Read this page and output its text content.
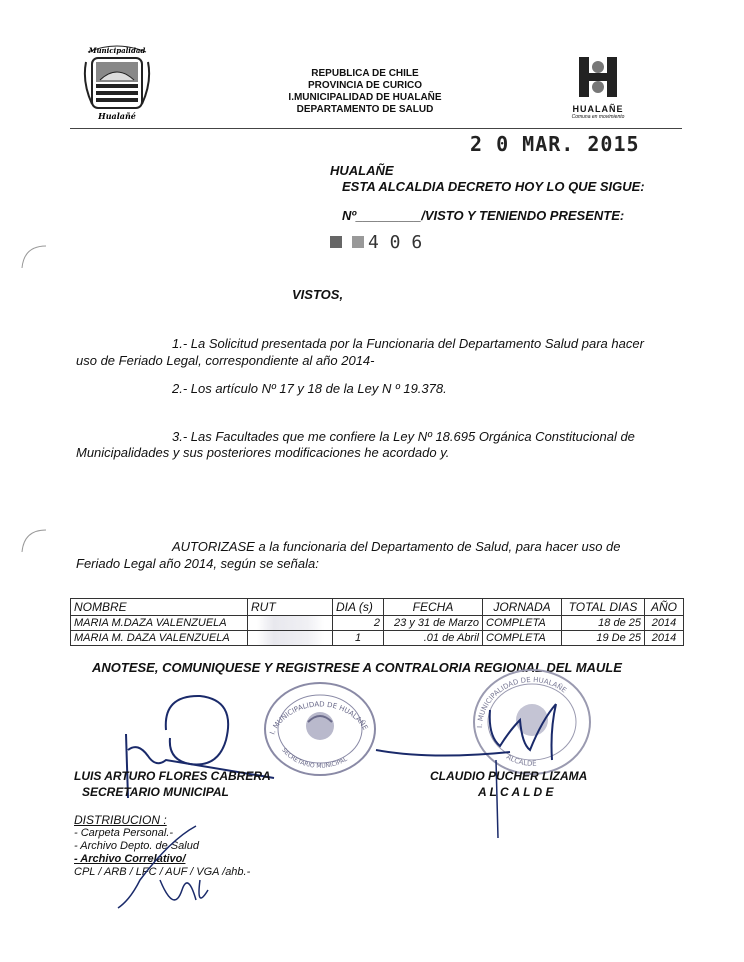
Municipalidad
Hualañé
REPUBLICA DE CHILE
PROVINCIA DE CURICO
I.MUNICIPALIDAD DE HUALAÑE
DEPARTAMENTO DE SALUD	HUALAÑE
Comuna en movimiento
2 0 MAR. 2015
HUALAÑE
ESTA ALCALDIA DECRETO HOY LO QUE SIGUE:
Nº_________/VISTO Y TENIENDO PRESENTE:
4 0 6
VISTOS,
1.- La Solicitud presentada por la Funcionaria del Departamento Salud para hacer
uso de Feriado Legal, correspondiente al año 2014-
2.- Los artículo Nº 17 y 18 de la Ley N º 19.378.
3.- Las Facultades que me confiere la Ley Nº 18.695 Orgánica Constitucional de
Municipalidades y sus posteriores modificaciones he acordado y.
AUTORIZASE a la funcionaria del Departamento de Salud, para hacer uso de
Feriado Legal año 2014, según se señala:
NOMBRE	RUT	DIA (s)	FECHA	JORNADA	TOTAL DIAS	AÑO
MARIA M.DAZA VALENZUELA		2	23 y 31 de Marzo	COMPLETA	18 de 25	2014
MARIA M. DAZA VALENZUELA		1	.01 de Abril	COMPLETA	19 De 25	2014
ANOTESE, COMUNIQUESE Y REGISTRESE A CONTRALORIA REGIONAL DEL MAULE
I. MUNICIPALIDAD DE HUALAÑE
SECRETARIO MUNICIPAL
I. MUNICIPALIDAD DE HUALAÑE
ALCALDE
LUIS ARTURO FLORES CABRERA
SECRETARIO MUNICIPAL
CLAUDIO PUCHER LIZAMA
A L C A L D E
DISTRIBUCION :
- Carpeta Personal.-
- Archivo Depto. de Salud
- Archivo Correlativo/
CPL / ARB / LFC / AUF / VGA /ahb.-
